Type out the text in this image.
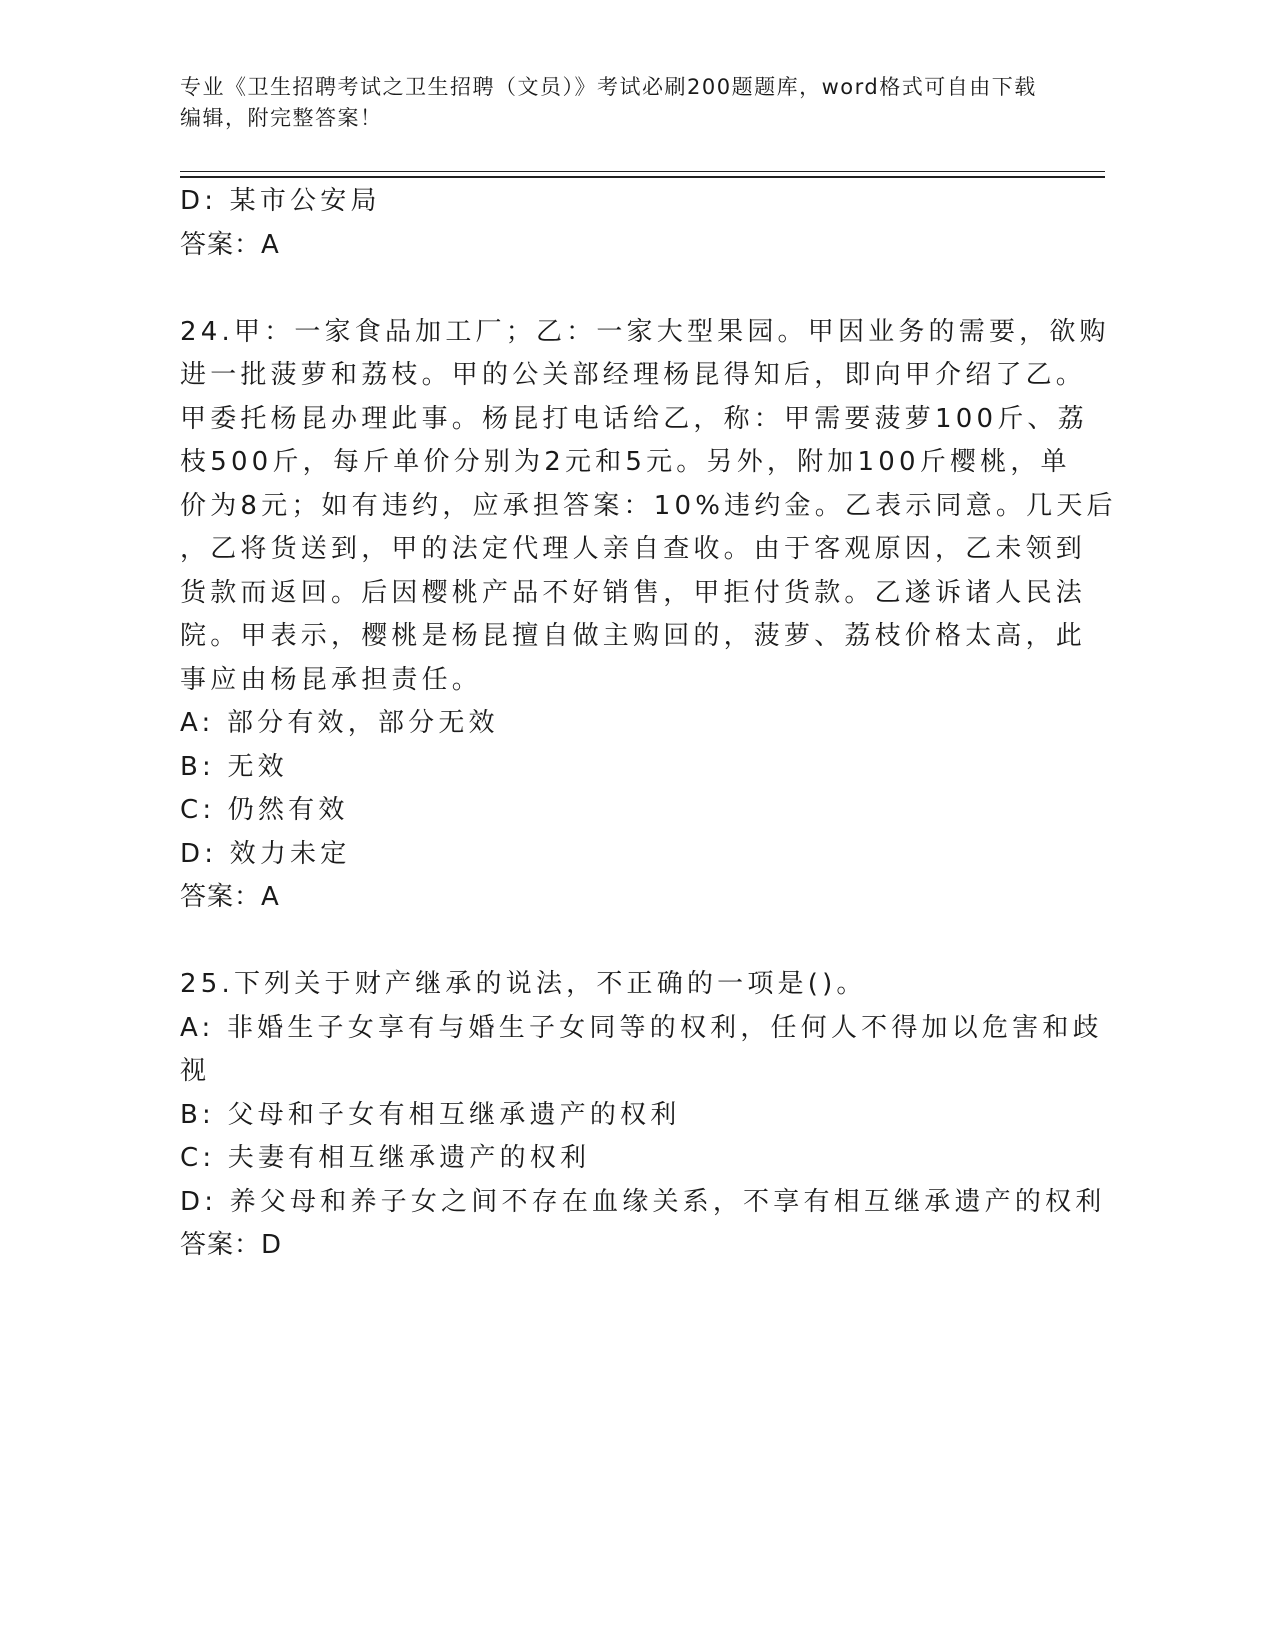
专业《卫生招聘考试之卫生招聘（文员）》考试必刷200题题库，word格式可自由下载编辑，附完整答案！
D: 某市公安局
答案：A
24.甲：一家食品加工厂；乙：一家大型果园。甲因业务的需要，欲购
进一批菠萝和荔枝。甲的公关部经理杨昆得知后，即向甲介绍了乙。
甲委托杨昆办理此事。杨昆打电话给乙，称：甲需要菠萝100斤、荔
枝500斤，每斤单价分别为2元和5元。另外，附加100斤樱桃，单
价为8元；如有违约，应承担答案：10%违约金。乙表示同意。几天后
，乙将货送到，甲的法定代理人亲自查收。由于客观原因，乙未领到
货款而返回。后因樱桃产品不好销售，甲拒付货款。乙遂诉诸人民法
院。甲表示，樱桃是杨昆擅自做主购回的，菠萝、荔枝价格太高，此
事应由杨昆承担责任。
A: 部分有效，部分无效
B: 无效
C: 仍然有效
D: 效力未定
答案：A
25.下列关于财产继承的说法，不正确的一项是()。
A: 非婚生子女享有与婚生子女同等的权利，任何人不得加以危害和歧
视
B: 父母和子女有相互继承遗产的权利
C: 夫妻有相互继承遗产的权利
D: 养父母和养子女之间不存在血缘关系，不享有相互继承遗产的权利
答案：D
